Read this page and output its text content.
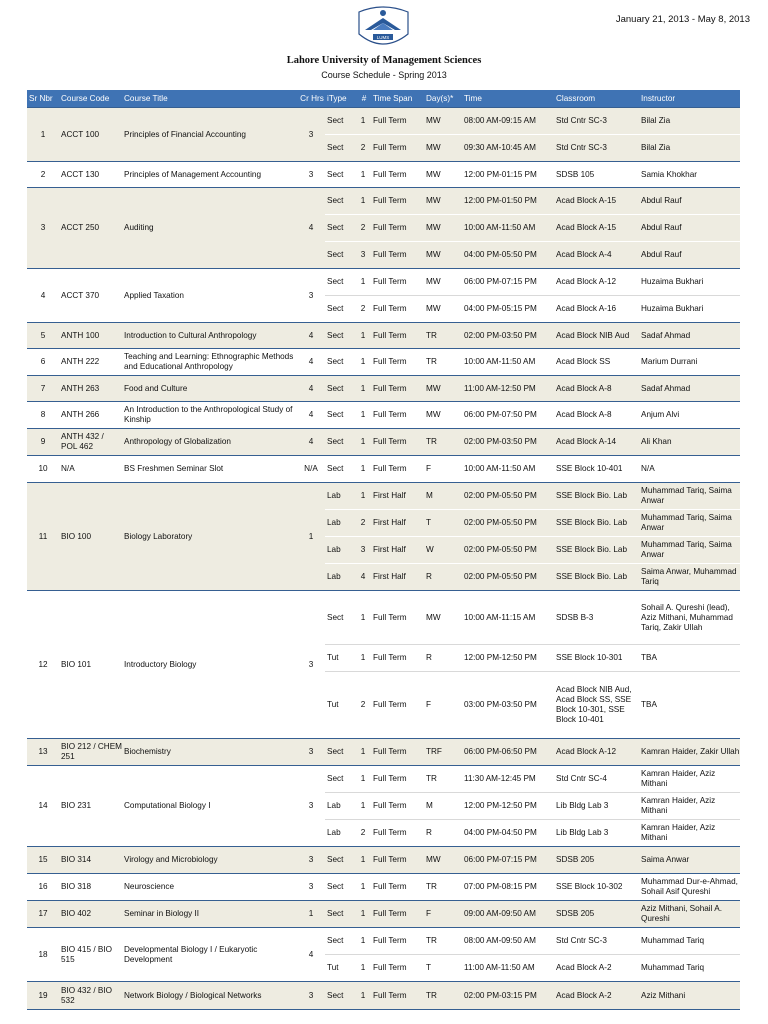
LUMS
January 21, 2013 - May 8, 2013
Lahore University of Management Sciences
Course Schedule - Spring 2013
Sr Nbr	Course Code	Course Title	Cr Hrs	iType	#	Time Span	Day(s)*	Time	Classroom	Instructor
1	ACCT 100	Principles of Financial Accounting	3	Sect	1	Full Term	MW	08:00 AM-09:15 AM	Std Cntr SC-3	Bilal Zia
				Sect	2	Full Term	MW	09:30 AM-10:45 AM	Std Cntr SC-3	Bilal Zia
2	ACCT 130	Principles of Management Accounting	3	Sect	1	Full Term	MW	12:00 PM-01:15 PM	SDSB 105	Samia Khokhar
3	ACCT 250	Auditing	4	Sect	1	Full Term	MW	12:00 PM-01:50 PM	Acad Block A-15	Abdul Rauf
				Sect	2	Full Term	MW	10:00 AM-11:50 AM	Acad Block A-15	Abdul Rauf
				Sect	3	Full Term	MW	04:00 PM-05:50 PM	Acad Block A-4	Abdul Rauf
4	ACCT 370	Applied Taxation	3	Sect	1	Full Term	MW	06:00 PM-07:15 PM	Acad Block A-12	Huzaima Bukhari
				Sect	2	Full Term	MW	04:00 PM-05:15 PM	Acad Block A-16	Huzaima Bukhari
5	ANTH 100	Introduction to Cultural Anthropology	4	Sect	1	Full Term	TR	02:00 PM-03:50 PM	Acad Block NIB Aud	Sadaf Ahmad
6	ANTH 222	Teaching and Learning: Ethnographic Methods and Educational Anthropology	4	Sect	1	Full Term	TR	10:00 AM-11:50 AM	Acad Block SS	Marium Durrani
7	ANTH 263	Food and Culture	4	Sect	1	Full Term	MW	11:00 AM-12:50 PM	Acad Block A-8	Sadaf Ahmad
8	ANTH 266	An Introduction to the Anthropological Study of Kinship	4	Sect	1	Full Term	MW	06:00 PM-07:50 PM	Acad Block A-8	Anjum Alvi
9	ANTH 432 / POL 462	Anthropology of Globalization	4	Sect	1	Full Term	TR	02:00 PM-03:50 PM	Acad Block A-14	Ali Khan
10	N/A	BS Freshmen Seminar Slot	N/A	Sect	1	Full Term	F	10:00 AM-11:50 AM	SSE Block 10-401	N/A
11	BIO 100	Biology Laboratory	1	Lab	1	First Half	M	02:00 PM-05:50 PM	SSE Block Bio. Lab	Muhammad Tariq, Saima Anwar
				Lab	2	First Half	T	02:00 PM-05:50 PM	SSE Block Bio. Lab	Muhammad Tariq, Saima Anwar
				Lab	3	First Half	W	02:00 PM-05:50 PM	SSE Block Bio. Lab	Muhammad Tariq, Saima Anwar
				Lab	4	First Half	R	02:00 PM-05:50 PM	SSE Block Bio. Lab	Saima Anwar, Muhammad Tariq
12	BIO 101	Introductory Biology	3	Sect	1	Full Term	MW	10:00 AM-11:15 AM	SDSB B-3	Sohail A. Qureshi (lead), Aziz Mithani, Muhammad Tariq, Zakir Ullah
				Tut	1	Full Term	R	12:00 PM-12:50 PM	SSE Block 10-301	TBA
				Tut	2	Full Term	F	03:00 PM-03:50 PM	Acad Block NIB Aud, Acad Block SS, SSE Block 10-301, SSE Block 10-401	TBA
13	BIO 212 / CHEM 251	Biochemistry	3	Sect	1	Full Term	TRF	06:00 PM-06:50 PM	Acad Block A-12	Kamran Haider, Zakir Ullah
14	BIO 231	Computational Biology I	3	Sect	1	Full Term	TR	11:30 AM-12:45 PM	Std Cntr SC-4	Kamran Haider, Aziz Mithani
				Lab	1	Full Term	M	12:00 PM-12:50 PM	Lib Bldg Lab 3	Kamran Haider, Aziz Mithani
				Lab	2	Full Term	R	04:00 PM-04:50 PM	Lib Bldg Lab 3	Kamran Haider, Aziz Mithani
15	BIO 314	Virology and Microbiology	3	Sect	1	Full Term	MW	06:00 PM-07:15 PM	SDSB 205	Saima Anwar
16	BIO 318	Neuroscience	3	Sect	1	Full Term	TR	07:00 PM-08:15 PM	SSE Block 10-302	Muhammad Dur-e-Ahmad, Sohail Asif Qureshi
17	BIO 402	Seminar in Biology II	1	Sect	1	Full Term	F	09:00 AM-09:50 AM	SDSB 205	Aziz Mithani, Sohail A. Qureshi
18	BIO 415 / BIO 515	Developmental Biology I / Eukaryotic Development	4	Sect	1	Full Term	TR	08:00 AM-09:50 AM	Std Cntr SC-3	Muhammad Tariq
				Tut	1	Full Term	T	11:00 AM-11:50 AM	Acad Block A-2	Muhammad Tariq
19	BIO 432 / BIO 532	Network Biology / Biological Networks	3	Sect	1	Full Term	TR	02:00 PM-03:15 PM	Acad Block A-2	Aziz Mithani
